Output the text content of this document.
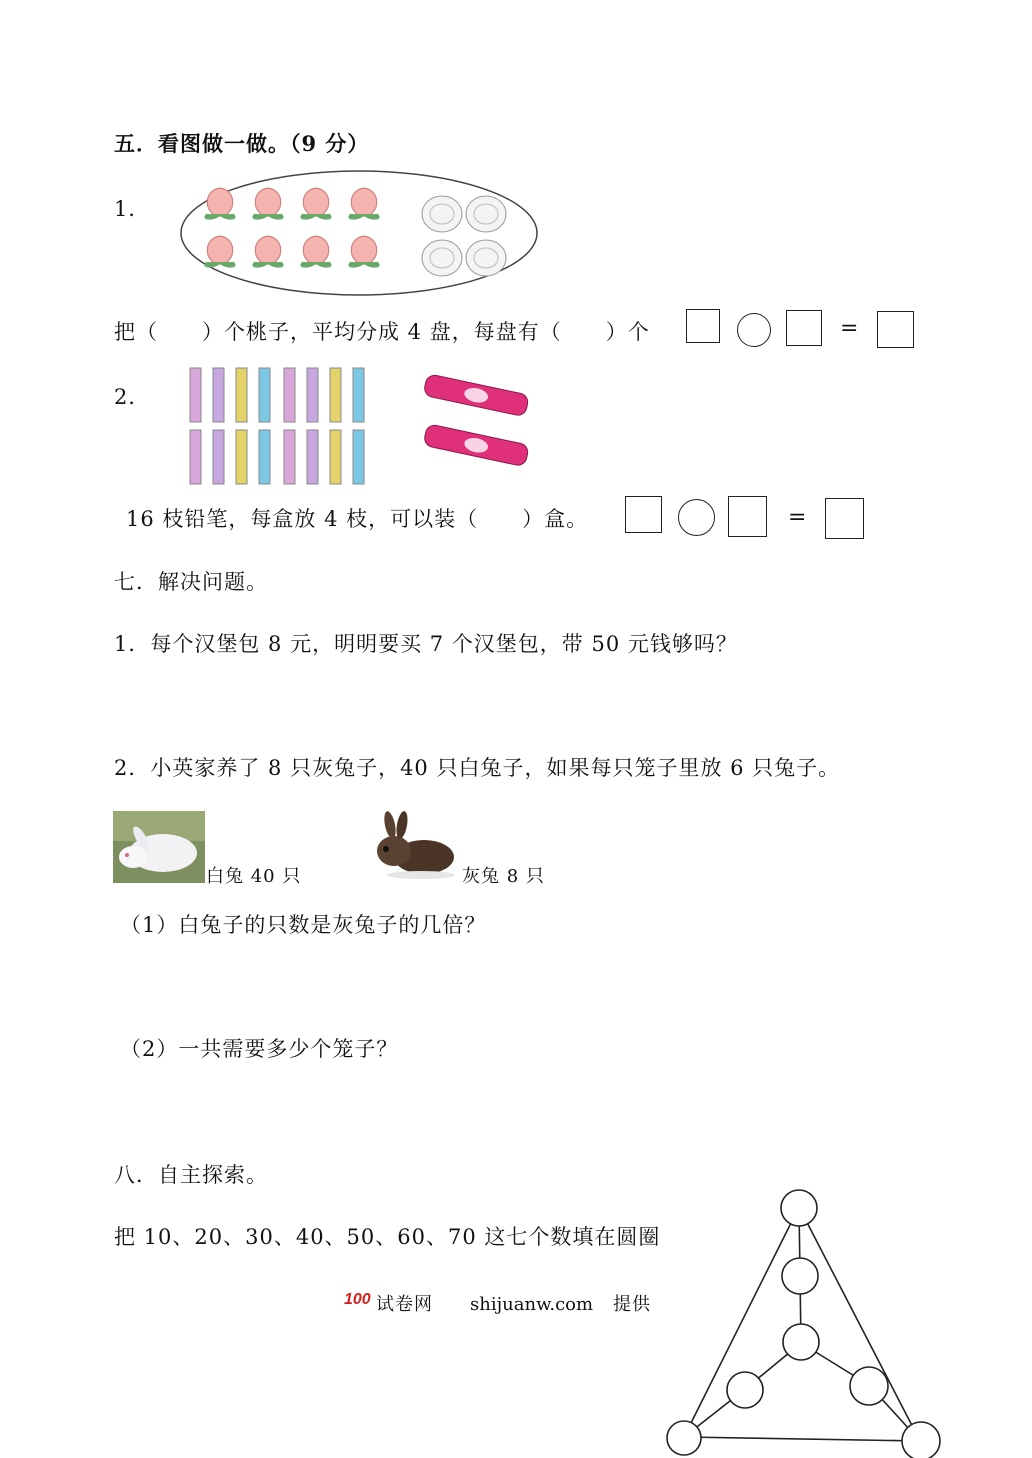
五．看图做一做。（9 分）
1．
把（　　）个桃子，平均分成 4 盘，每盘有（　　）个	=
2．
16 枝铅笔，每盒放 4 枝，可以装（　　）盒。	=
七．解决问题。
1．每个汉堡包 8 元，明明要买 7 个汉堡包，带 50 元钱够吗？
2．小英家养了 8 只灰兔子，40 只白兔子，如果每只笼子里放 6 只兔子。
白兔 40 只	灰兔 8 只
（1）白兔子的只数是灰兔子的几倍？
（2）一共需要多少个笼子？
八．自主探索。
把 10、20、30、40、50、60、70 这七个数填在圆圈
100 试卷网 shijuanw.com 提供
